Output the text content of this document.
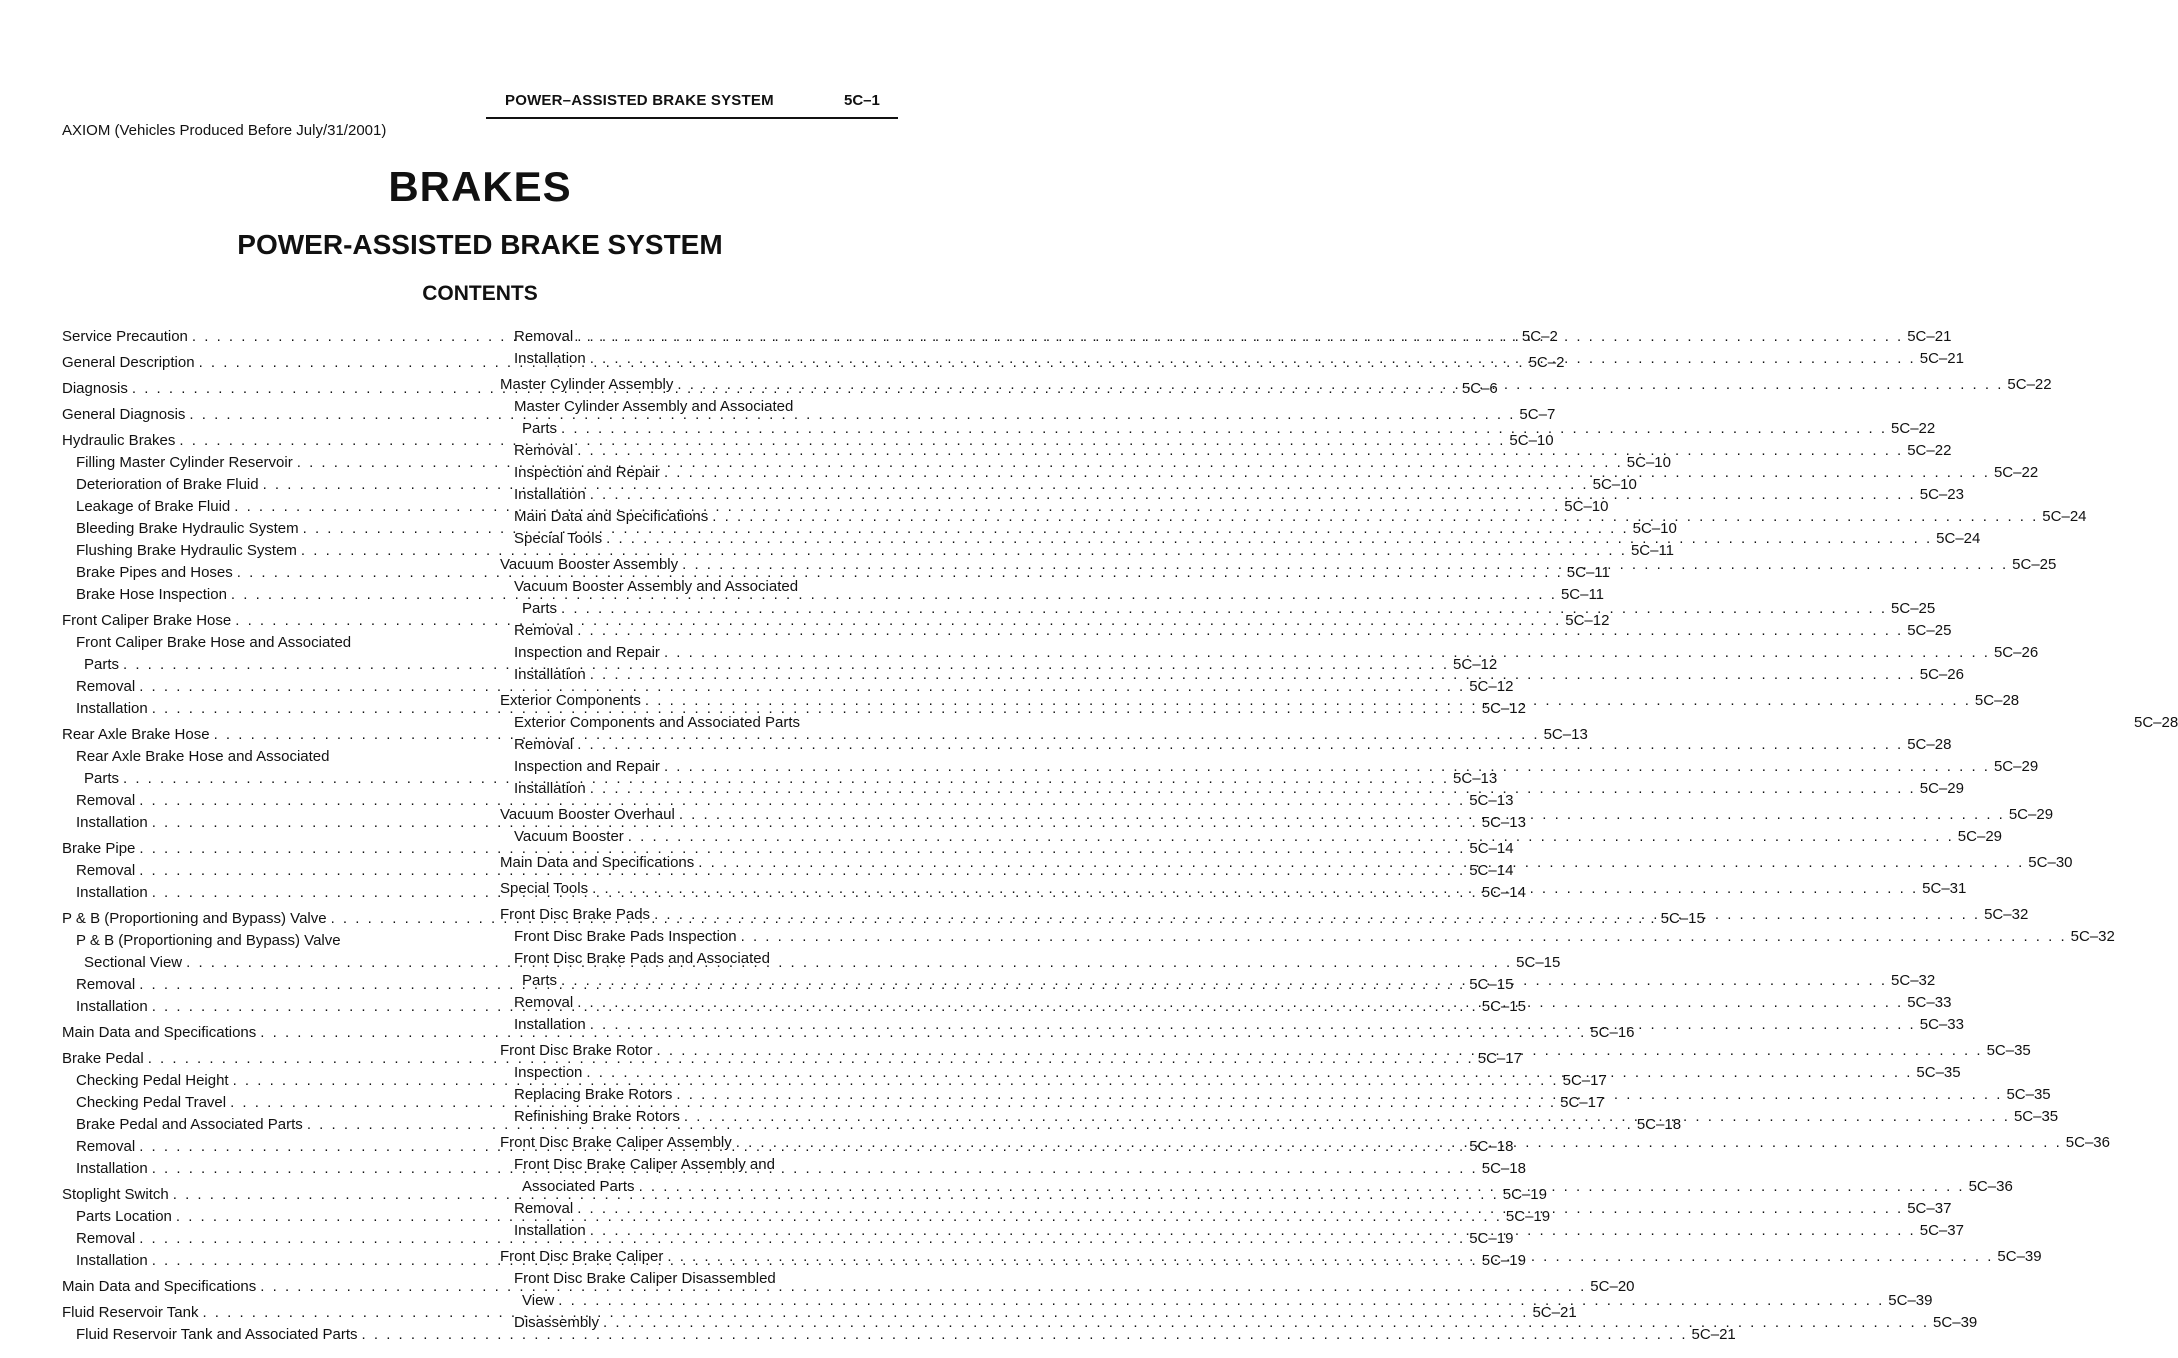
POWER–ASSISTED BRAKE SYSTEM	5C–1
AXIOM (Vehicles Produced Before July/31/2001)
BRAKES
POWER-ASSISTED BRAKE SYSTEM
CONTENTS
Service Precaution . . .	5C–2
General Description . . .	5C–2
Diagnosis . . .	5C–6
General Diagnosis . . .	5C–7
Hydraulic Brakes . . .	5C–10
Filling Master Cylinder Reservoir . . .	5C–10
Deterioration of Brake Fluid . . .	5C–10
Leakage of Brake Fluid . . .	5C–10
Bleeding Brake Hydraulic System . . .	5C–10
Flushing Brake Hydraulic System . . .	5C–11
Brake Pipes and Hoses . . .	5C–11
Brake Hose Inspection . . .	5C–11
Front Caliper Brake Hose . . .	5C–12
Front Caliper Brake Hose and Associated
Parts . . .	5C–12
Removal . . .	5C–12
Installation . . .	5C–12
Rear Axle Brake Hose . . .	5C–13
Rear Axle Brake Hose and Associated
Parts . . .	5C–13
Removal . . .	5C–13
Installation . . .	5C–13
Brake Pipe . . .	5C–14
Removal . . .	5C–14
Installation . . .	5C–14
P & B (Proportioning and Bypass) Valve . . .	5C–15
P & B (Proportioning and Bypass) Valve
Sectional View . . .	5C–15
Removal . . .	5C–15
Installation . . .	5C–15
Main Data and Specifications . . .	5C–16
Brake Pedal . . .	5C–17
Checking Pedal Height . . .	5C–17
Checking Pedal Travel . . .	5C–17
Brake Pedal and Associated Parts . . .	5C–18
Removal . . .	5C–18
Installation . . .	5C–18
Stoplight Switch . . .	5C–19
Parts Location . . .	5C–19
Removal . . .	5C–19
Installation . . .	5C–19
Main Data and Specifications . . .	5C–20
Fluid Reservoir Tank . . .	5C–21
Fluid Reservoir Tank and Associated Parts . . .	5C–21
Removal . . .	5C–21
Installation . . .	5C–21
Master Cylinder Assembly . . .	5C–22
Master Cylinder Assembly and Associated
Parts . . .	5C–22
Removal . . .	5C–22
Inspection and Repair . . .	5C–22
Installation . . .	5C–23
Main Data and Specifications . . .	5C–24
Special Tools . . .	5C–24
Vacuum Booster Assembly . . .	5C–25
Vacuum Booster Assembly and Associated
Parts . . .	5C–25
Removal . . .	5C–25
Inspection and Repair . . .	5C–26
Installation . . .	5C–26
Exterior Components . . .	5C–28
Exterior Components and Associated Parts	5C–28
Removal . . .	5C–28
Inspection and Repair . . .	5C–29
Installation . . .	5C–29
Vacuum Booster Overhaul . . .	5C–29
Vacuum Booster . . .	5C–29
Main Data and Specifications . . .	5C–30
Special Tools . . .	5C–31
Front Disc Brake Pads . . .	5C–32
Front Disc Brake Pads Inspection . . .	5C–32
Front Disc Brake Pads and Associated
Parts . . .	5C–32
Removal . . .	5C–33
Installation . . .	5C–33
Front Disc Brake Rotor . . .	5C–35
Inspection . . .	5C–35
Replacing Brake Rotors . . .	5C–35
Refinishing Brake Rotors . . .	5C–35
Front Disc Brake Caliper Assembly . . .	5C–36
Front Disc Brake Caliper Assembly and
Associated Parts . . .	5C–36
Removal . . .	5C–37
Installation . . .	5C–37
Front Disc Brake Caliper . . .	5C–39
Front Disc Brake Caliper Disassembled
View . . .	5C–39
Disassembly . . .	5C–39
